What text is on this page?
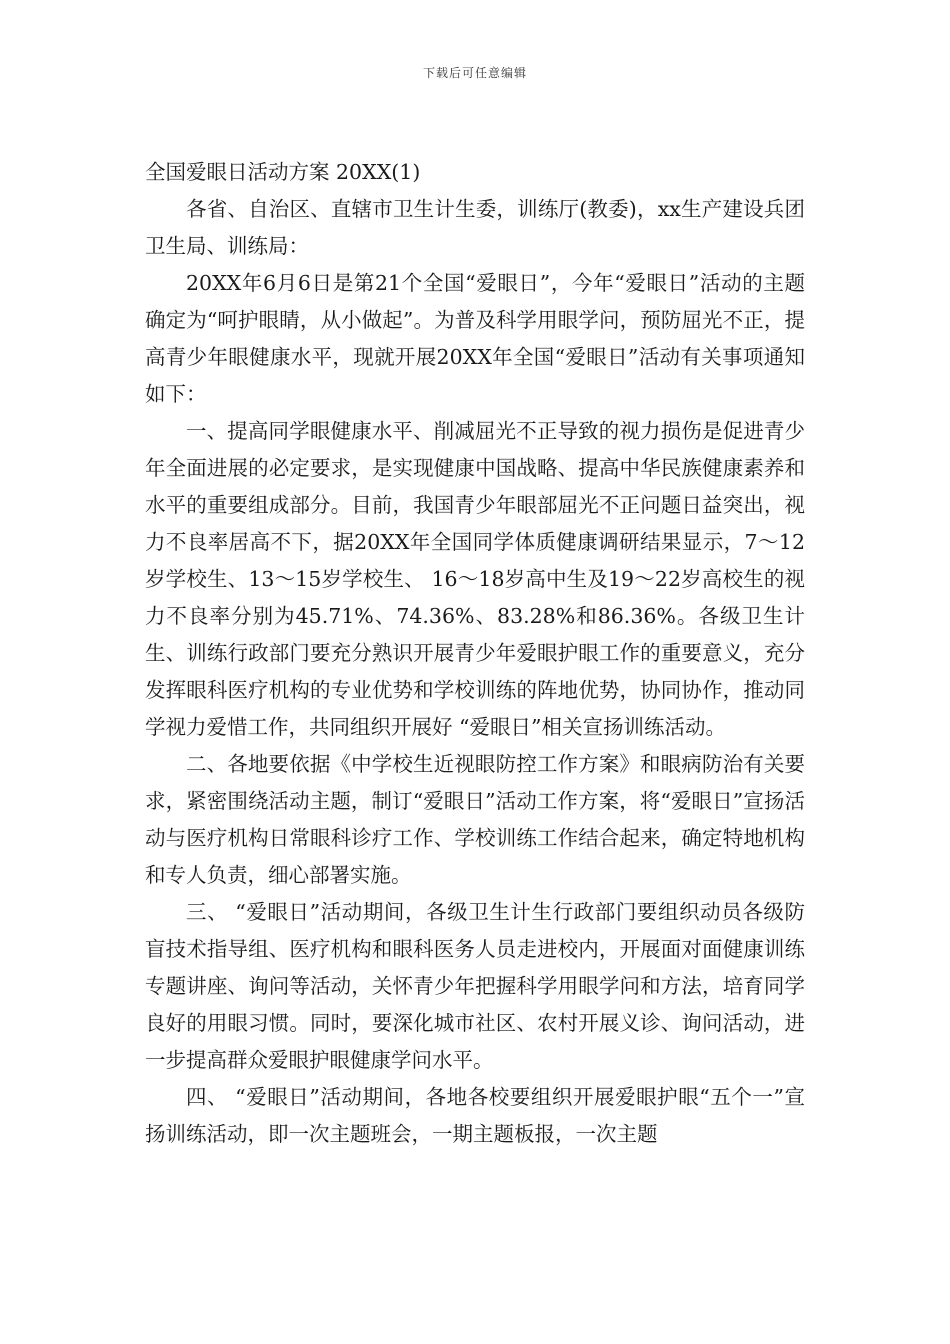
下载后可任意编辑
全国爱眼日活动方案 20XX(1)

各省、自治区、直辖市卫生计生委，训练厅(教委)，xx生产建设兵团卫生局、训练局：

20XX年6月6日是第21个全国“爱眼日”，今年“爱眼日”活动的主题确定为“呵护眼睛，从小做起”。为普及科学用眼学问，预防屈光不正，提高青少年眼健康水平，现就开展20XX年全国“爱眼日”活动有关事项通知如下：

一、提高同学眼健康水平、削减屈光不正导致的视力损伤是促进青少年全面进展的必定要求，是实现健康中国战略、提高中华民族健康素养和水平的重要组成部分。目前，我国青少年眼部屈光不正问题日益突出，视力不良率居高不下，据20XX年全国同学体质健康调研结果显示，7～12岁学校生、13～15岁学校生、 16～18岁高中生及19～22岁高校生的视力不良率分别为45.71%、74.36%、83.28%和86.36%。各级卫生计生、训练行政部门要充分熟识开展青少年爱眼护眼工作的重要意义，充分发挥眼科医疗机构的专业优势和学校训练的阵地优势，协同协作，推动同学视力爱惜工作，共同组织开展好 “爱眼日”相关宣扬训练活动。

二、各地要依据《中学校生近视眼防控工作方案》和眼病防治有关要求，紧密围绕活动主题，制订“爱眼日”活动工作方案，将“爱眼日”宣扬活动与医疗机构日常眼科诊疗工作、学校训练工作结合起来，确定特地机构和专人负责，细心部署实施。

三、 “爱眼日”活动期间，各级卫生计生行政部门要组织动员各级防盲技术指导组、医疗机构和眼科医务人员走进校内，开展面对面健康训练专题讲座、询问等活动，关怀青少年把握科学用眼学问和方法，培育同学良好的用眼习惯。同时，要深化城市社区、农村开展义诊、询问活动，进一步提高群众爱眼护眼健康学问水平。

四、 “爱眼日”活动期间，各地各校要组织开展爱眼护眼“五个一”宣扬训练活动，即一次主题班会，一期主题板报，一次主题
